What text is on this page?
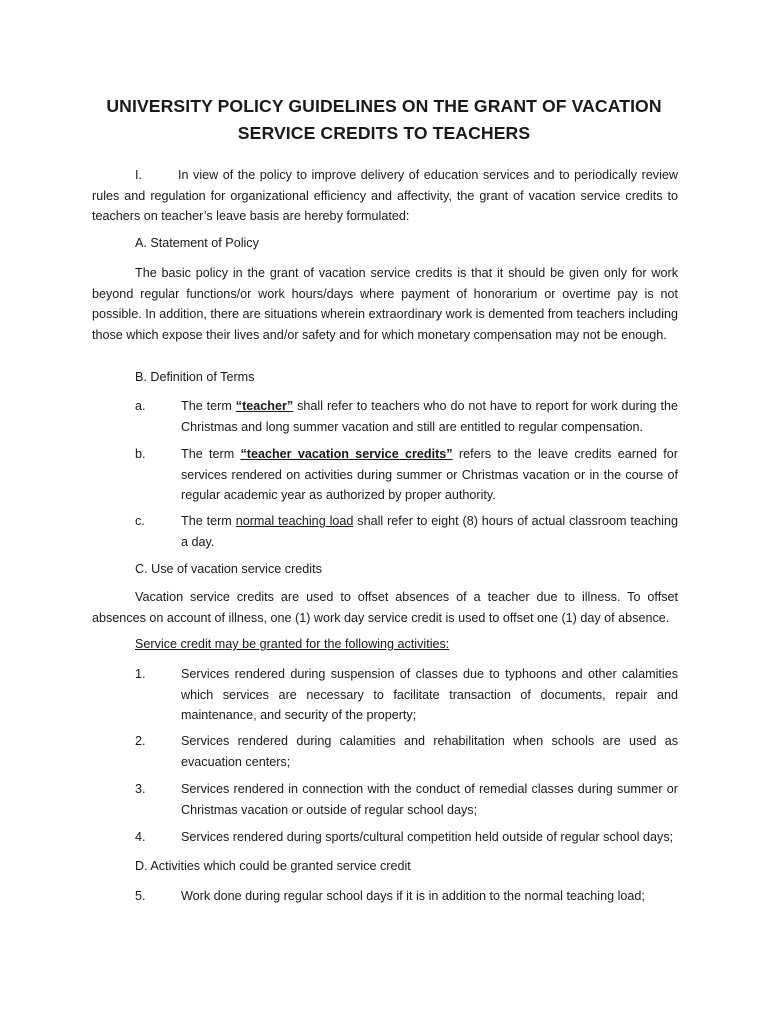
UNIVERSITY POLICY GUIDELINES ON THE GRANT OF VACATION
SERVICE CREDITS TO TEACHERS
I.	In view of the policy to improve delivery of education services and to periodically review rules and regulation for organizational efficiency and affectivity, the grant of vacation service credits to teachers on teacher’s leave basis are hereby formulated:
A. Statement of Policy
The basic policy in the grant of vacation service credits is that it should be given only for work beyond regular functions/or work hours/days where payment of honorarium or overtime pay is not possible. In addition, there are situations wherein extraordinary work is demented from teachers including those which expose their lives and/or safety and for which monetary compensation may not be enough.
B. Definition of Terms
a.	The term “teacher” shall refer to teachers who do not have to report for work during the Christmas and long summer vacation and still are entitled to regular compensation.
b.	The term “teacher vacation service credits” refers to the leave credits earned for services rendered on activities during summer or Christmas vacation or in the course of regular academic year as authorized by proper authority.
c.	The term normal teaching load shall refer to eight (8) hours of actual classroom teaching a day.
C. Use of vacation service credits
Vacation service credits are used to offset absences of a teacher due to illness. To offset absences on account of illness, one (1) work day service credit is used to offset one (1) day of absence.
Service credit may be granted for the following activities:
1.	Services rendered during suspension of classes due to typhoons and other calamities which services are necessary to facilitate transaction of documents, repair and maintenance, and security of the property;
2.	Services rendered during calamities and rehabilitation when schools are used as evacuation centers;
3.	Services rendered in connection with the conduct of remedial classes during summer or Christmas vacation or outside of regular school days;
4.	Services rendered during sports/cultural competition held outside of regular school days;
D. Activities which could be granted service credit
5.	Work done during regular school days if it is in addition to the normal teaching load;
